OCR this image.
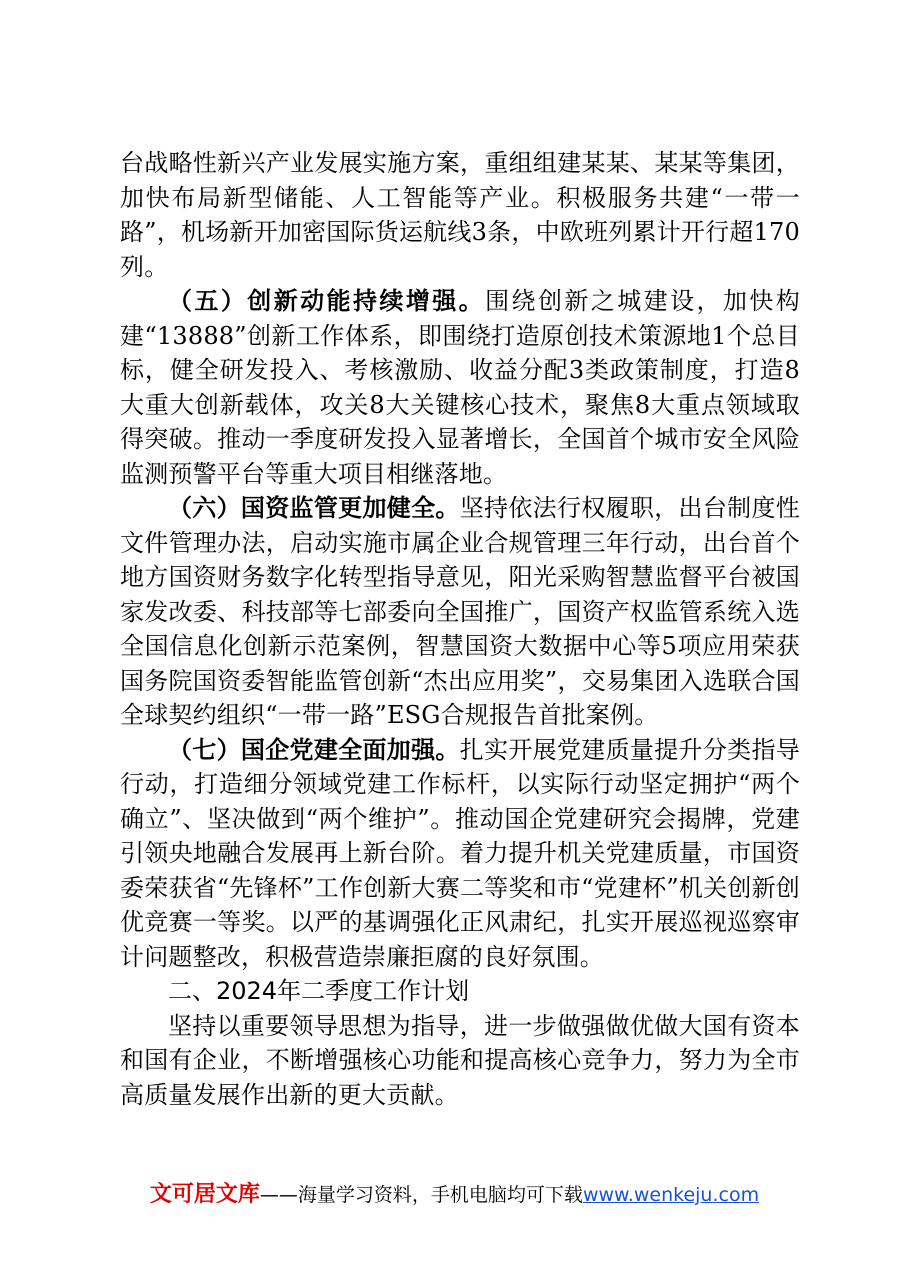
台战略性新兴产业发展实施方案，重组组建某某、某某等集团，加快布局新型储能、人工智能等产业。积极服务共建“一带一路”，机场新开加密国际货运航线3条，中欧班列累计开行超170列。

（五）创新动能持续增强。围绕创新之城建设，加快构建“13888”创新工作体系，即围绕打造原创技术策源地1个总目标，健全研发投入、考核激励、收益分配3类政策制度，打造8大重大创新载体，攻关8大关键核心技术，聚焦8大重点领域取得突破。推动一季度研发投入显著增长，全国首个城市安全风险监测预警平台等重大项目相继落地。

（六）国资监管更加健全。坚持依法行权履职，出台制度性文件管理办法，启动实施市属企业合规管理三年行动，出台首个地方国资财务数字化转型指导意见，阳光采购智慧监督平台被国家发改委、科技部等七部委向全国推广，国资产权监管系统入选全国信息化创新示范案例，智慧国资大数据中心等5项应用荣获国务院国资委智能监管创新“杰出应用奖”，交易集团入选联合国全球契约组织“一带一路”ESG合规报告首批案例。

（七）国企党建全面加强。扎实开展党建质量提升分类指导行动，打造细分领域党建工作标杆，以实际行动坚定拥护“两个确立”、坚决做到“两个维护”。推动国企党建研究会揭牌，党建引领央地融合发展再上新台阶。着力提升机关党建质量，市国资委荣获省“先锋杯”工作创新大赛二等奖和市“党建杯”机关创新创优竞赛一等奖。以严的基调强化正风肃纪，扎实开展巡视巡察审计问题整改，积极营造崇廉拒腐的良好氛围。

二、2024年二季度工作计划

坚持以重要领导思想为指导，进一步做强做优做大国有资本和国有企业，不断增强核心功能和提高核心竞争力，努力为全市高质量发展作出新的更大贡献。

文可居文库——海量学习资料，手机电脑均可下载www.wenkeju.com
